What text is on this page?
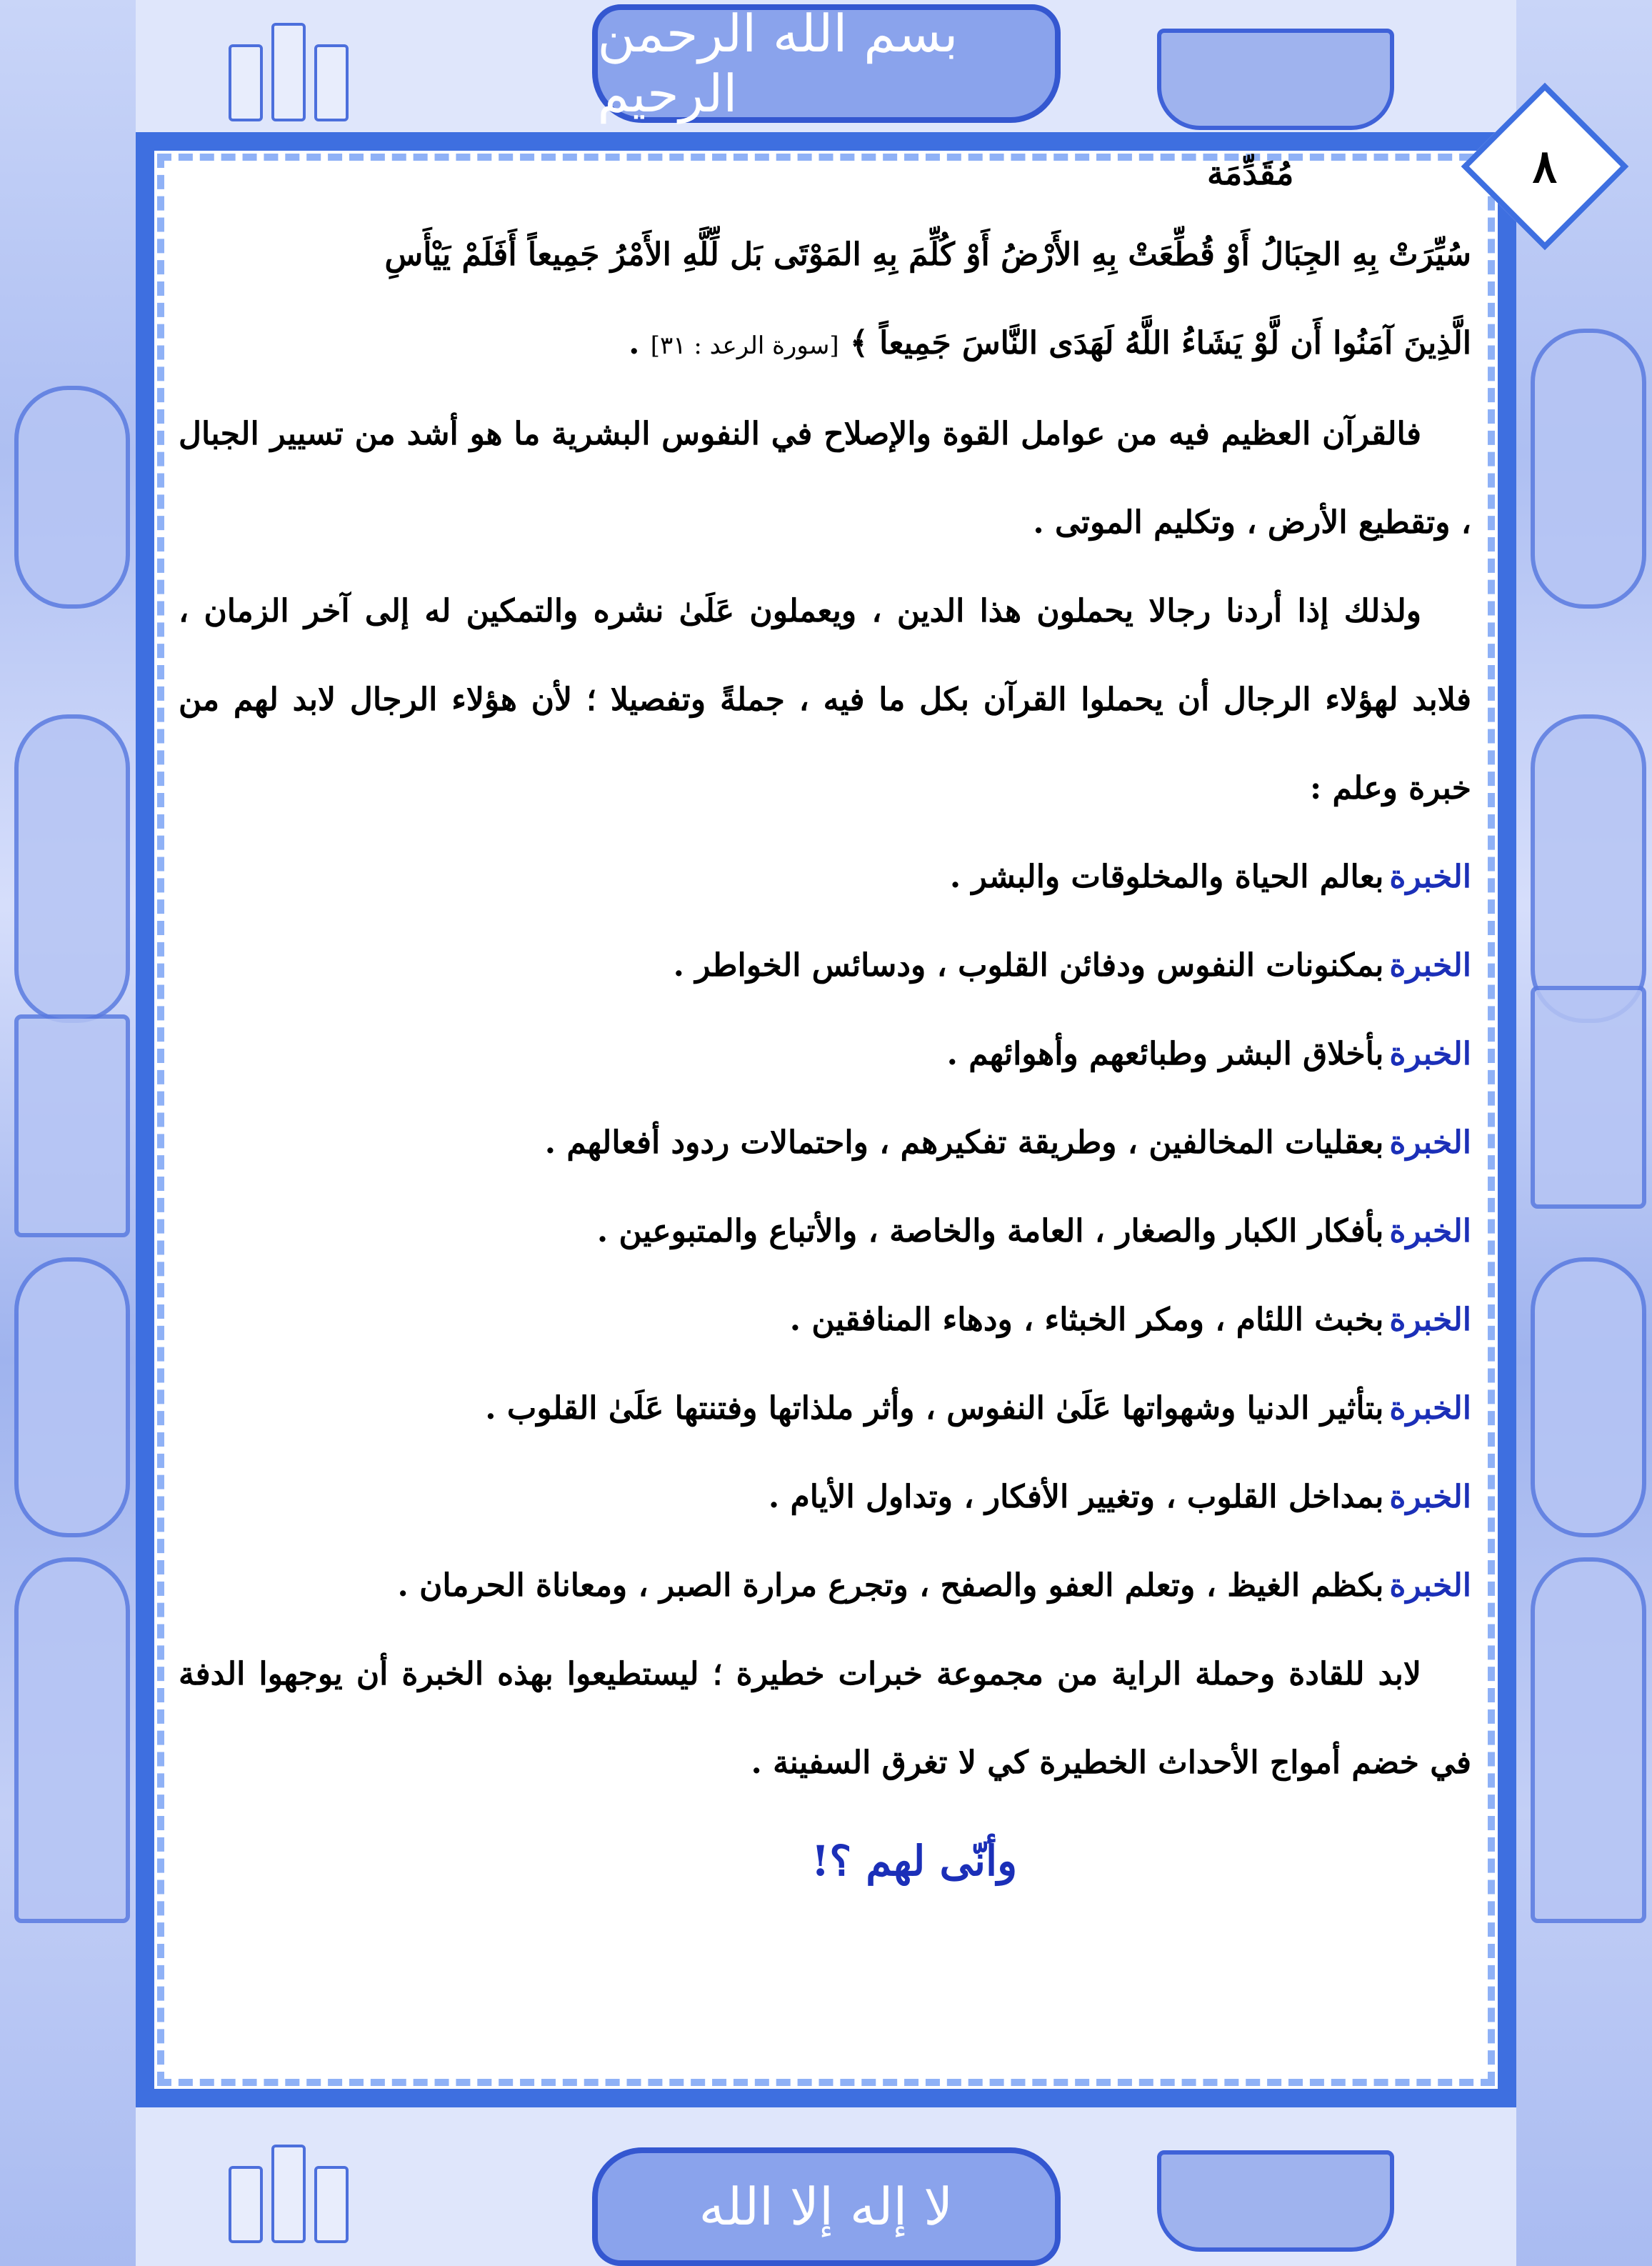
بسم الله الرحمن الرحيم
٨
مُقَدِّمَة

سُيِّرَتْ بِهِ الجِبَالُ أَوْ قُطِّعَتْ بِهِ الأَرْضُ أَوْ كُلِّمَ بِهِ المَوْتَى بَل لِّلَّهِ الأَمْرُ جَمِيعاً أَفَلَمْ يَيْأَسِ

الَّذِينَ آمَنُوا أَن لَّوْ يَشَاءُ اللَّهُ لَهَدَى النَّاسَ جَمِيعاً ﴾ [سورة الرعد : ٣١] .

فالقرآن العظيم فيه من عوامل القوة والإصلاح في النفوس البشرية ما هو أشد من تسيير الجبال ، وتقطيع الأرض ، وتكليم الموتى .

ولذلك إذا أردنا رجالا يحملون هذا الدين ، ويعملون عَلَىٰ نشره والتمكين له إلى آخر الزمان ، فلابد لهؤلاء الرجال أن يحملوا القرآن بكل ما فيه ، جملةً وتفصيلا ؛ لأن هؤلاء الرجال لابد لهم من خبرة وعلم :

الخبرةبعالم الحياة والمخلوقات والبشر .

الخبرةبمكنونات النفوس ودفائن القلوب ، ودسائس الخواطر .

الخبرةبأخلاق البشر وطبائعهم وأهوائهم .

الخبرةبعقليات المخالفين ، وطريقة تفكيرهم ، واحتمالات ردود أفعالهم .

الخبرةبأفكار الكبار والصغار ، العامة والخاصة ، والأتباع والمتبوعين .

الخبرةبخبث اللئام ، ومكر الخبثاء ، ودهاء المنافقين .

الخبرةبتأثير الدنيا وشهواتها عَلَىٰ النفوس ، وأثر ملذاتها وفتنتها عَلَىٰ القلوب .

الخبرةبمداخل القلوب ، وتغيير الأفكار ، وتداول الأيام .

الخبرةبكظم الغيظ ، وتعلم العفو والصفح ، وتجرع مرارة الصبر ، ومعاناة الحرمان .

لابد للقادة وحملة الراية من مجموعة خبرات خطيرة ؛ ليستطيعوا بهذه الخبرة أن يوجهوا الدفة في خضم أمواج الأحداث الخطيرة كي لا تغرق السفينة .

وأنّى لهم ؟!
لا إله إلا الله
